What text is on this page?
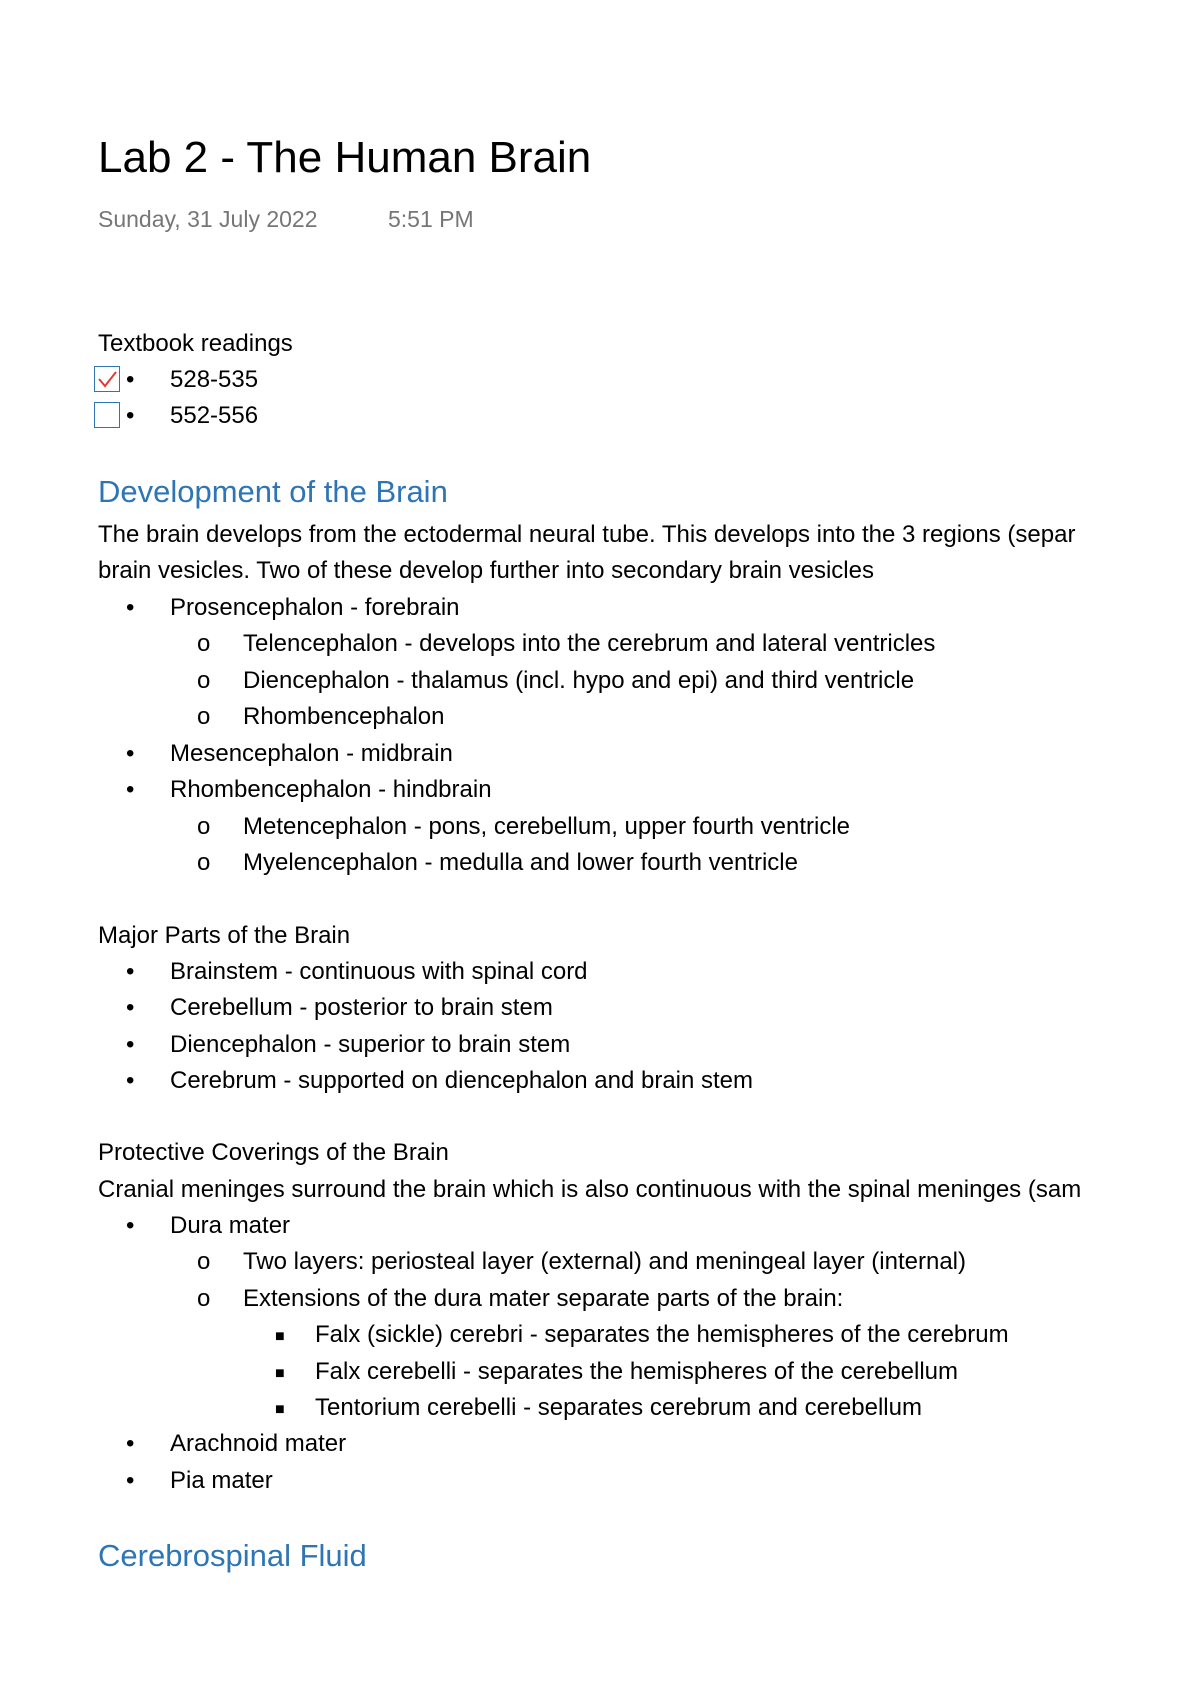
Lab 2 - The Human Brain
Sunday, 31 July 2022	5:51 PM
Textbook readings
• 528-535
• 552-556
Development of the Brain
The brain develops from the ectodermal neural tube. This develops into the 3 regions (separ
brain vesicles. Two of these develop further into secondary brain vesicles
• Prosencephalon - forebrain
o Telencephalon - develops into the cerebrum and lateral ventricles
o Diencephalon - thalamus (incl. hypo and epi) and third ventricle
o Rhombencephalon
• Mesencephalon - midbrain
• Rhombencephalon - hindbrain
o Metencephalon - pons, cerebellum, upper fourth ventricle
o Myelencephalon - medulla and lower fourth ventricle
Major Parts of the Brain
• Brainstem - continuous with spinal cord
• Cerebellum - posterior to brain stem
• Diencephalon - superior to brain stem
• Cerebrum - supported on diencephalon and brain stem
Protective Coverings of the Brain
Cranial meninges surround the brain which is also continuous with the spinal meninges (sam
• Dura mater
o Two layers: periosteal layer (external) and meningeal layer (internal)
o Extensions of the dura mater separate parts of the brain:
■ Falx (sickle) cerebri - separates the hemispheres of the cerebrum
■ Falx cerebelli - separates the hemispheres of the cerebellum
■ Tentorium cerebelli - separates cerebrum and cerebellum
• Arachnoid mater
• Pia mater
Cerebrospinal Fluid
